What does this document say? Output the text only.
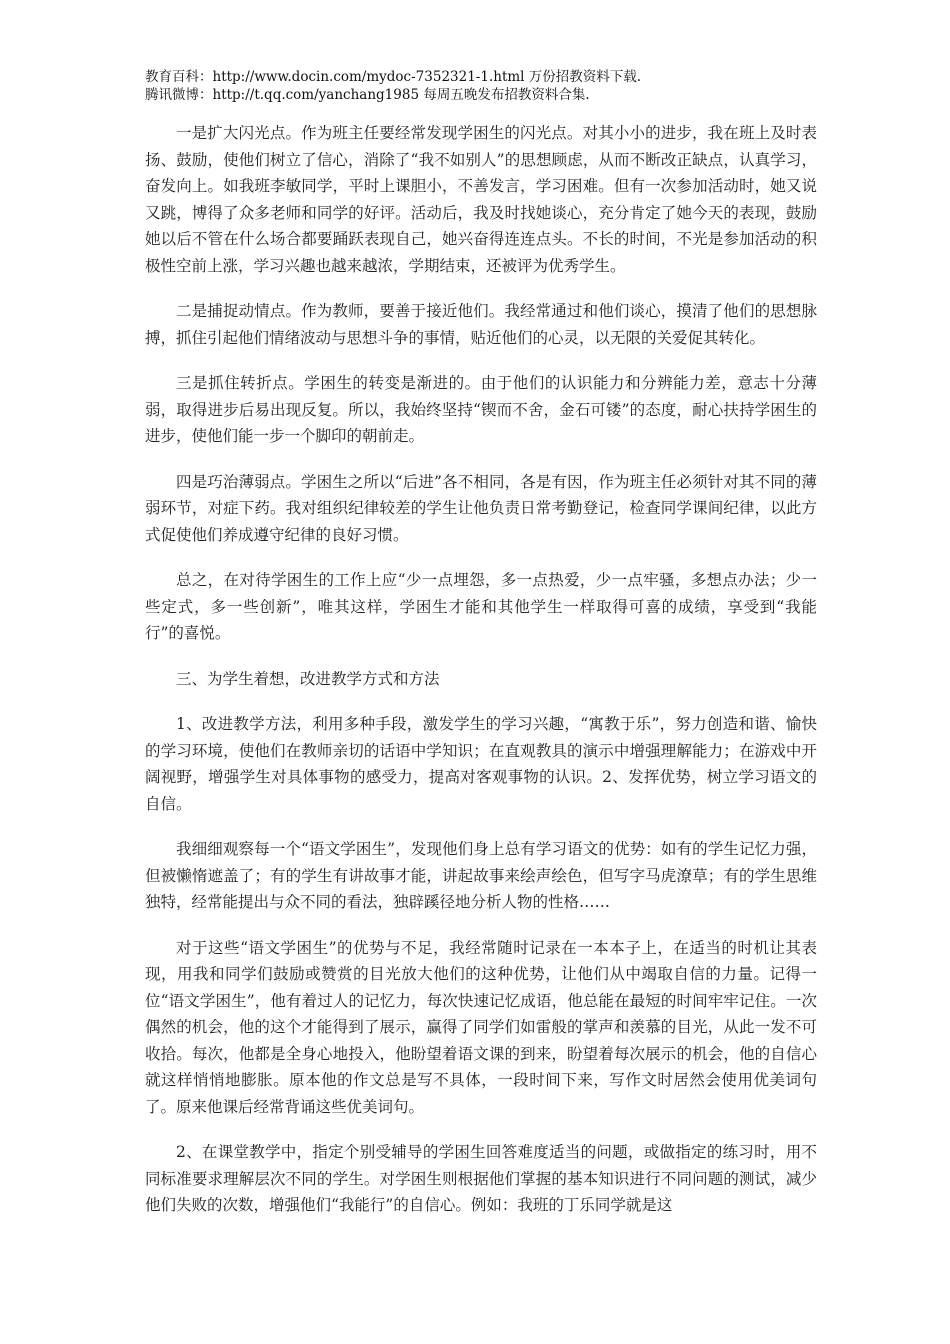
教育百科：http://www.docin.com/mydoc-7352321-1.html 万份招教资料下载.
腾讯微博：http://t.qq.com/yanchang1985 每周五晚发布招教资料合集.

一是扩大闪光点。作为班主任要经常发现学困生的闪光点。对其小小的进步，我在班上及时表扬、鼓励，使他们树立了信心，消除了“我不如别人”的思想顾虑，从而不断改正缺点，认真学习，奋发向上。如我班李敏同学，平时上课胆小，不善发言，学习困难。但有一次参加活动时，她又说又跳，博得了众多老师和同学的好评。活动后，我及时找她谈心，充分肯定了她今天的表现，鼓励她以后不管在什么场合都要踊跃表现自己，她兴奋得连连点头。不长的时间，不光是参加活动的积极性空前上涨，学习兴趣也越来越浓，学期结束，还被评为优秀学生。

二是捕捉动情点。作为教师，要善于接近他们。我经常通过和他们谈心，摸清了他们的思想脉搏，抓住引起他们情绪波动与思想斗争的事情，贴近他们的心灵，以无限的关爱促其转化。

三是抓住转折点。学困生的转变是渐进的。由于他们的认识能力和分辨能力差，意志十分薄弱，取得进步后易出现反复。所以，我始终坚持“锲而不舍，金石可镂”的态度，耐心扶持学困生的进步，使他们能一步一个脚印的朝前走。

四是巧治薄弱点。学困生之所以“后进”各不相同，各是有因，作为班主任必须针对其不同的薄弱环节，对症下药。我对组织纪律较差的学生让他负责日常考勤登记，检查同学课间纪律，以此方式促使他们养成遵守纪律的良好习惯。

总之，在对待学困生的工作上应“少一点埋怨，多一点热爱，少一点牢骚，多想点办法；少一些定式，多一些创新”，唯其这样，学困生才能和其他学生一样取得可喜的成绩，享受到“我能行”的喜悦。

三、为学生着想，改进教学方式和方法

1、改进教学方法，利用多种手段，激发学生的学习兴趣，“寓教于乐”，努力创造和谐、愉快的学习环境，使他们在教师亲切的话语中学知识；在直观教具的演示中增强理解能力；在游戏中开阔视野，增强学生对具体事物的感受力，提高对客观事物的认识。2、发挥优势，树立学习语文的自信。

我细细观察每一个“语文学困生”，发现他们身上总有学习语文的优势：如有的学生记忆力强，但被懒惰遮盖了；有的学生有讲故事才能，讲起故事来绘声绘色，但写字马虎潦草；有的学生思维独特，经常能提出与众不同的看法，独辟蹊径地分析人物的性格……

对于这些“语文学困生”的优势与不足，我经常随时记录在一本本子上，在适当的时机让其表现，用我和同学们鼓励或赞赏的目光放大他们的这种优势，让他们从中竭取自信的力量。记得一位“语文学困生”，他有着过人的记忆力，每次快速记忆成语，他总能在最短的时间牢牢记住。一次偶然的机会，他的这个才能得到了展示，赢得了同学们如雷般的掌声和羡慕的目光，从此一发不可收拾。每次，他都是全身心地投入，他盼望着语文课的到来，盼望着每次展示的机会，他的自信心就这样悄悄地膨胀。原本他的作文总是写不具体，一段时间下来，写作文时居然会使用优美词句了。原来他课后经常背诵这些优美词句。

2、在课堂教学中，指定个别受辅导的学困生回答难度适当的问题，或做指定的练习时，用不同标准要求理解层次不同的学生。对学困生则根据他们掌握的基本知识进行不同问题的测试，减少他们失败的次数，增强他们“我能行”的自信心。例如：我班的丁乐同学就是这
